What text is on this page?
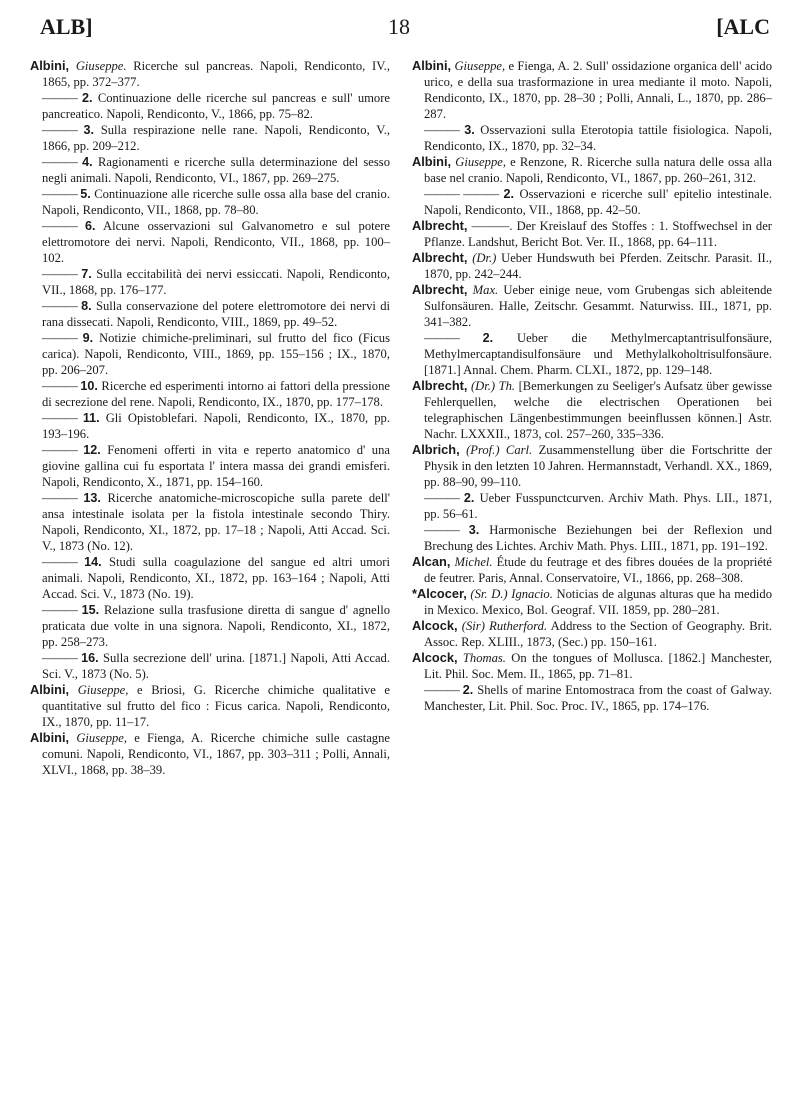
ALB]	18	[ALC

Albini, Giuseppe. Ricerche sul pancreas. Napoli, Rendiconto, IV., 1865, pp. 372–377.

——— 2. Continuazione delle ricerche sul pancreas e sull' umore pancreatico. Napoli, Rendiconto, V., 1866, pp. 75–82.

——— 3. Sulla respirazione nelle rane. Napoli, Rendiconto, V., 1866, pp. 209–212.

——— 4. Ragionamenti e ricerche sulla determinazione del sesso negli animali. Napoli, Rendiconto, VI., 1867, pp. 269–275.

——— 5. Continuazione alle ricerche sulle ossa alla base del cranio. Napoli, Rendiconto, VII., 1868, pp. 78–80.

——— 6. Alcune osservazioni sul Galvanometro e sul potere elettromotore dei nervi. Napoli, Rendiconto, VII., 1868, pp. 100–102.

——— 7. Sulla eccitabilità dei nervi essiccati. Napoli, Rendiconto, VII., 1868, pp. 176–177.

——— 8. Sulla conservazione del potere elettromotore dei nervi di rana dissecati. Napoli, Rendiconto, VIII., 1869, pp. 49–52.

——— 9. Notizie chimiche-preliminari, sul frutto del fico (Ficus carica). Napoli, Rendiconto, VIII., 1869, pp. 155–156 ; IX., 1870, pp. 206–207.

——— 10. Ricerche ed esperimenti intorno ai fattori della pressione di secrezione del rene. Napoli, Rendiconto, IX., 1870, pp. 177–178.

——— 11. Gli Opistoblefari. Napoli, Rendiconto, IX., 1870, pp. 193–196.

——— 12. Fenomeni offerti in vita e reperto anatomico d' una giovine gallina cui fu esportata l' intera massa dei grandi emisferi. Napoli, Rendiconto, X., 1871, pp. 154–160.

——— 13. Ricerche anatomiche-microscopiche sulla parete dell' ansa intestinale isolata per la fistola intestinale secondo Thiry. Napoli, Rendiconto, XI., 1872, pp. 17–18 ; Napoli, Atti Accad. Sci. V., 1873 (No. 12).

——— 14. Studi sulla coagulazione del sangue ed altri umori animali. Napoli, Rendiconto, XI., 1872, pp. 163–164 ; Napoli, Atti Accad. Sci. V., 1873 (No. 19).

——— 15. Relazione sulla trasfusione diretta di sangue d' agnello praticata due volte in una signora. Napoli, Rendiconto, XI., 1872, pp. 258–273.

——— 16. Sulla secrezione dell' urina. [1871.] Napoli, Atti Accad. Sci. V., 1873 (No. 5).

Albini, Giuseppe, e Briosi, G. Ricerche chimiche qualitative e quantitative sul frutto del fico : Ficus carica. Napoli, Rendiconto, IX., 1870, pp. 11–17.

Albini, Giuseppe, e Fienga, A. Ricerche chimiche sulle castagne comuni. Napoli, Rendiconto, VI., 1867, pp. 303–311 ; Polli, Annali, XLVI., 1868, pp. 38–39.

Albini, Giuseppe, e Fienga, A. 2. Sull' ossidazione organica dell' acido urico, e della sua trasformazione in urea mediante il moto. Napoli, Rendiconto, IX., 1870, pp. 28–30 ; Polli, Annali, L., 1870, pp. 286–287.

——— 3. Osservazioni sulla Eterotopia tattile fisiologica. Napoli, Rendiconto, IX., 1870, pp. 32–34.

Albini, Giuseppe, e Renzone, R. Ricerche sulla natura delle ossa alla base nel cranio. Napoli, Rendiconto, VI., 1867, pp. 260–261, 312.

——— ——— 2. Osservazioni e ricerche sull' epitelio intestinale. Napoli, Rendiconto, VII., 1868, pp. 42–50.

Albrecht, ———. Der Kreislauf des Stoffes : 1. Stoffwechsel in der Pflanze. Landshut, Bericht Bot. Ver. II., 1868, pp. 64–111.

Albrecht, (Dr.) Ueber Hundswuth bei Pferden. Zeitschr. Parasit. II., 1870, pp. 242–244.

Albrecht, Max. Ueber einige neue, vom Grubengas sich ableitende Sulfonsäuren. Halle, Zeitschr. Gesammt. Naturwiss. III., 1871, pp. 341–382.

——— 2. Ueber die Methylmercaptantrisulfonsäure, Methylmercaptandisulfonsäure und Methylalkoholtrisulfonsäure. [1871.] Annal. Chem. Pharm. CLXI., 1872, pp. 129–148.

Albrecht, (Dr.) Th. [Bemerkungen zu Seeliger's Aufsatz über gewisse Fehlerquellen, welche die electrischen Operationen bei telegraphischen Längenbestimmungen beeinflussen können.] Astr. Nachr. LXXXII., 1873, col. 257–260, 335–336.

Albrich, (Prof.) Carl. Zusammenstellung über die Fortschritte der Physik in den letzten 10 Jahren. Hermannstadt, Verhandl. XX., 1869, pp. 88–90, 99–110.

——— 2. Ueber Fusspunctcurven. Archiv Math. Phys. LII., 1871, pp. 56–61.

——— 3. Harmonische Beziehungen bei der Reflexion und Brechung des Lichtes. Archiv Math. Phys. LIII., 1871, pp. 191–192.

Alcan, Michel. Étude du feutrage et des fibres douées de la propriété de feutrer. Paris, Annal. Conservatoire, VI., 1866, pp. 268–308.

*Alcocer, (Sr. D.) Ignacio. Noticias de algunas alturas que ha medido in Mexico. Mexico, Bol. Geograf. VII. 1859, pp. 280–281.

Alcock, (Sir) Rutherford. Address to the Section of Geography. Brit. Assoc. Rep. XLIII., 1873, (Sec.) pp. 150–161.

Alcock, Thomas. On the tongues of Mollusca. [1862.] Manchester, Lit. Phil. Soc. Mem. II., 1865, pp. 71–81.

——— 2. Shells of marine Entomostraca from the coast of Galway. Manchester, Lit. Phil. Soc. Proc. IV., 1865, pp. 174–176.
